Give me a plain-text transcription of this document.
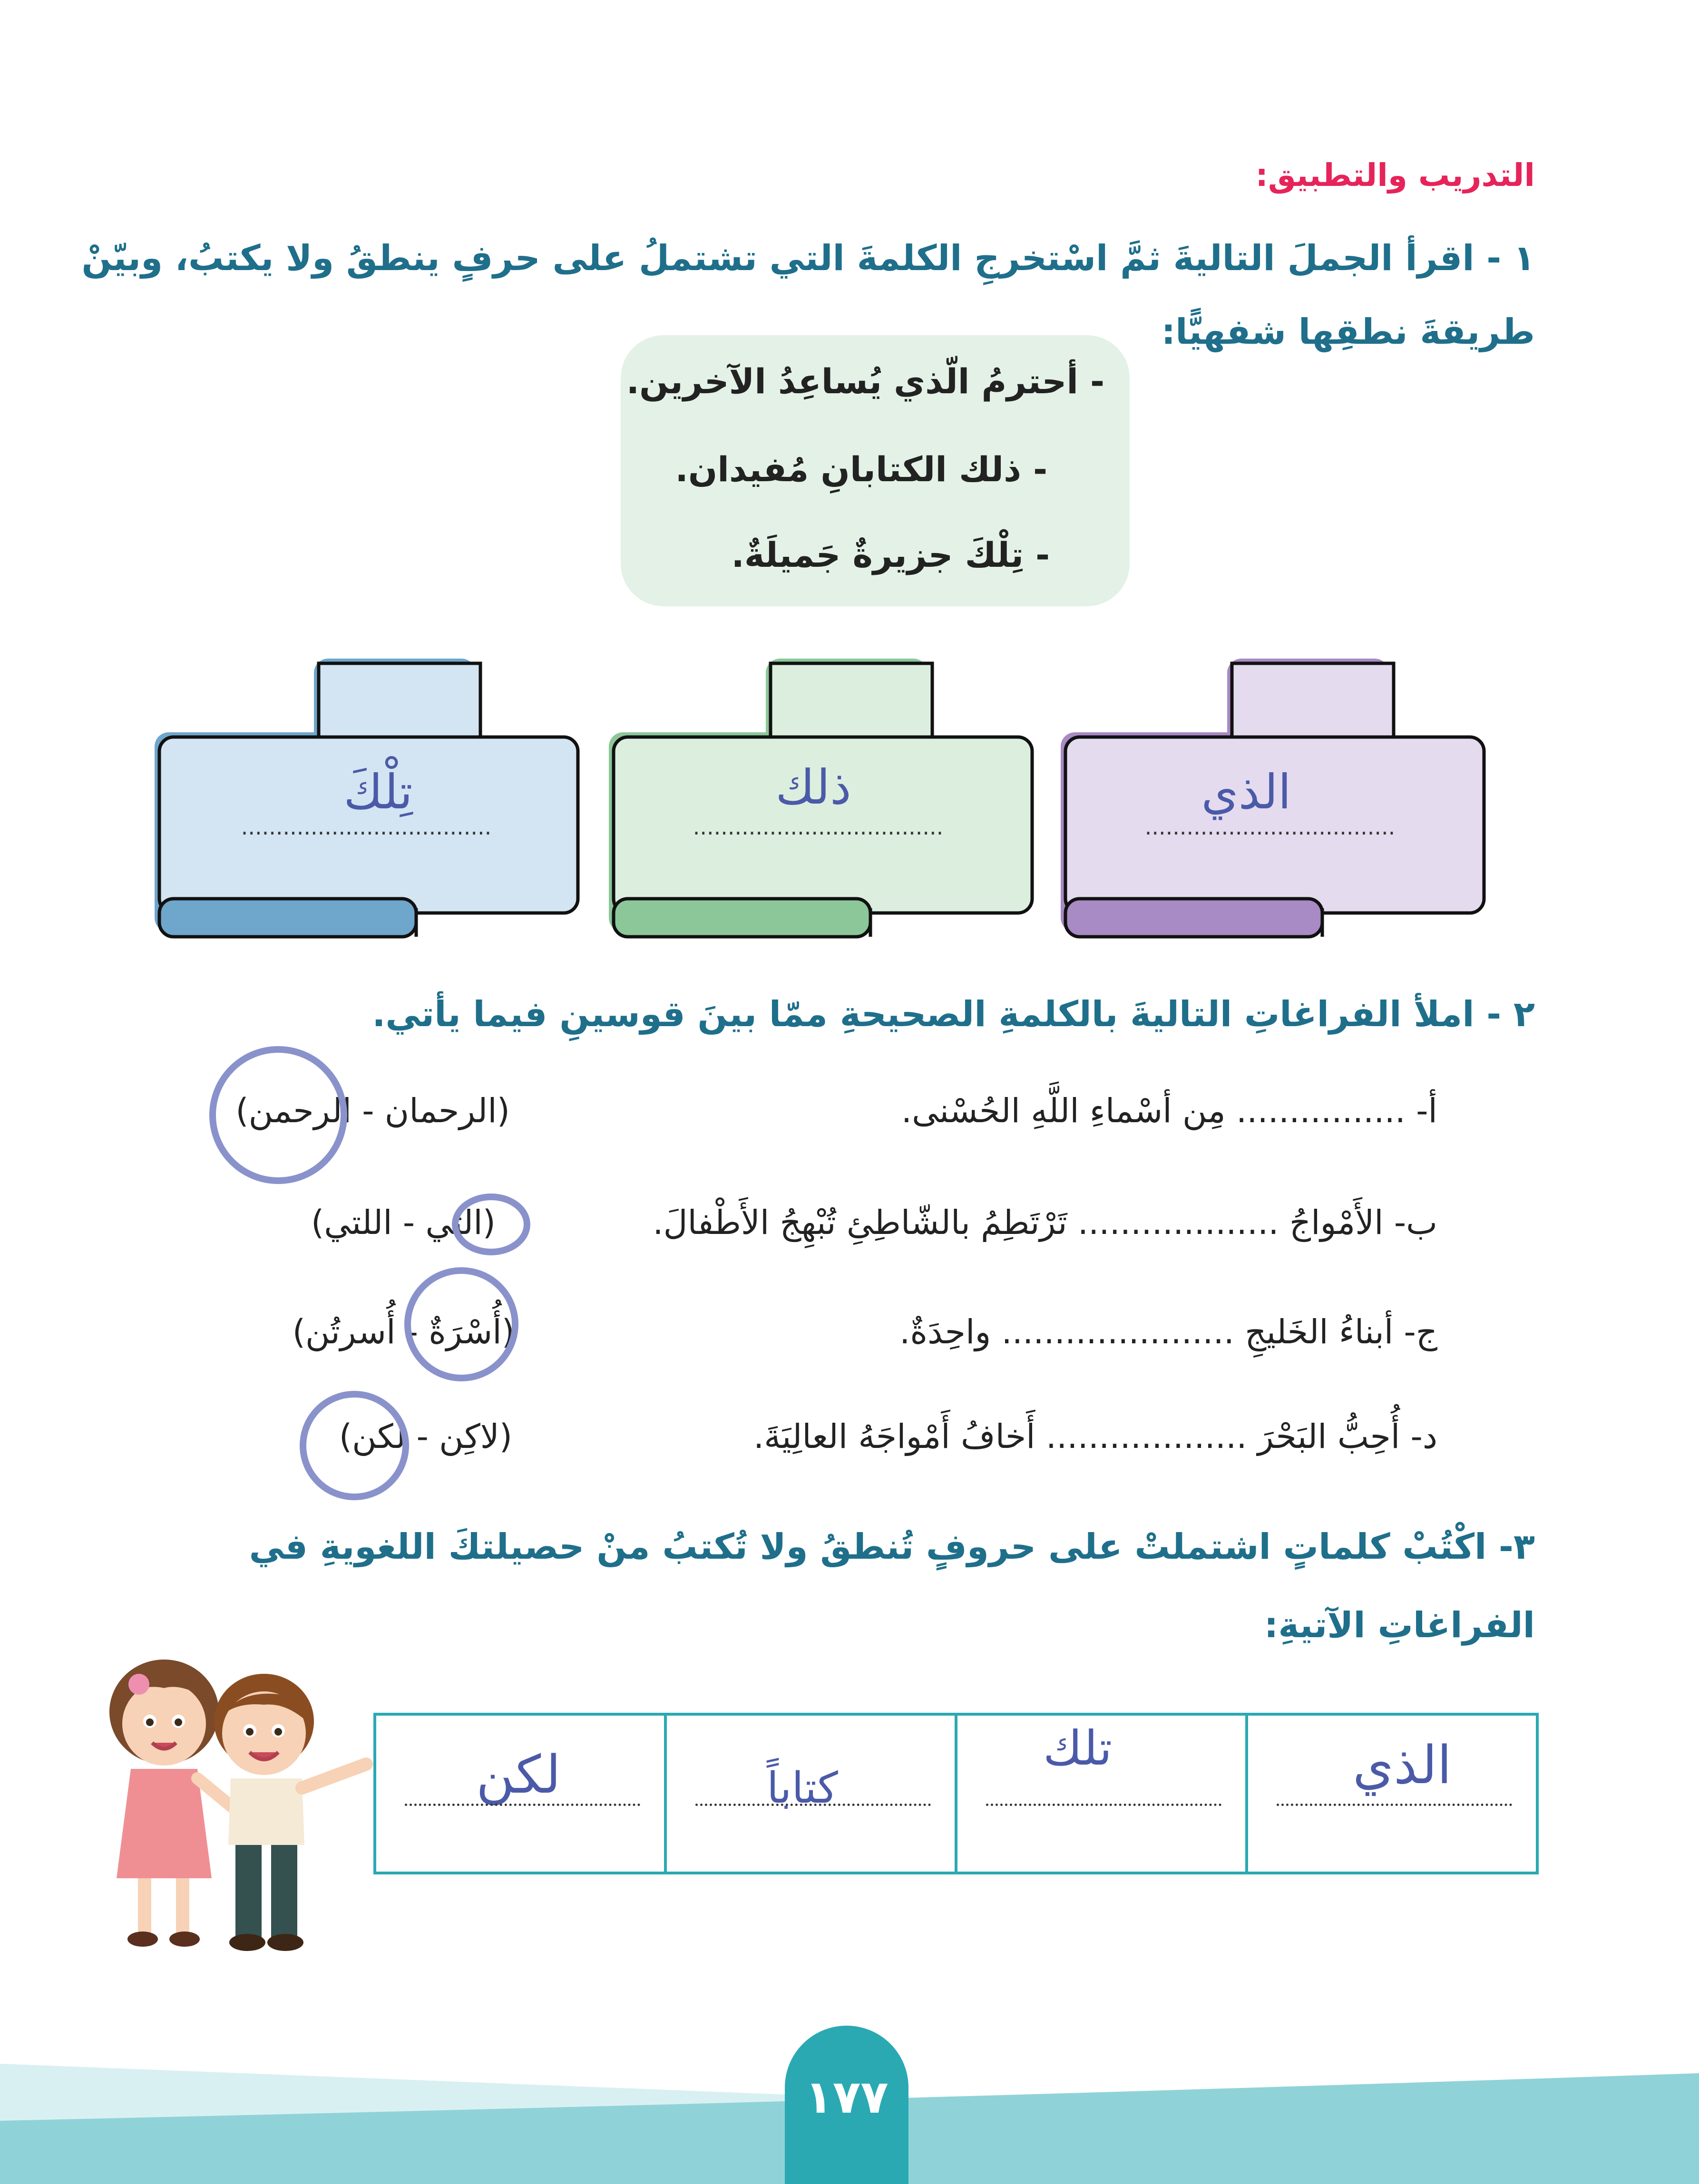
التدريب والتطبيق:
١ - اقرأ الجملَ التاليةَ ثمَّ اسْتخرجِ الكلمةَ التي تشتملُ على حرفٍ ينطقُ ولا يكتبُ، وبيّنْ
طريقةَ نطقِها شفهيًّا:
- أحترمُ الّذي يُساعِدُ الآخرين.
- ذلك الكتابانِ مُفيدان.
- تِلْكَ جزيرةٌ جَميلَةٌ.
الذي
....................................
ذلك
....................................
تِلْكَ
....................................
٢ - املأ الفراغاتِ التاليةَ بالكلمةِ الصحيحةِ ممّا بينَ قوسينِ فيما يأتي.
أ- ................ مِن أسْماءِ اللَّهِ الحُسْنى.
(الرحمان - الرحمن)
ب- الأَمْواجُ ................... تَرْتَطِمُ بالشّاطِئِ تُبْهِجُ الأَطْفالَ.
(التي - اللتي)
ج- أبناءُ الخَليجِ ...................... واحِدَةٌ.
(أُسْرَةٌ - أُسرتُن)
د- أُحِبُّ البَحْرَ ................... أَخافُ أَمْواجَهُ العالِيَةَ.
(لاكِن - لكن)
٣- اكْتُبْ كلماتٍ اشتملتْ على حروفٍ تُنطقُ ولا تُكتبُ منْ حصيلتكَ اللغويةِ في
الفراغاتِ الآتيةِ:
الذي
تلك
كتاباً
لكن
١٧٧
